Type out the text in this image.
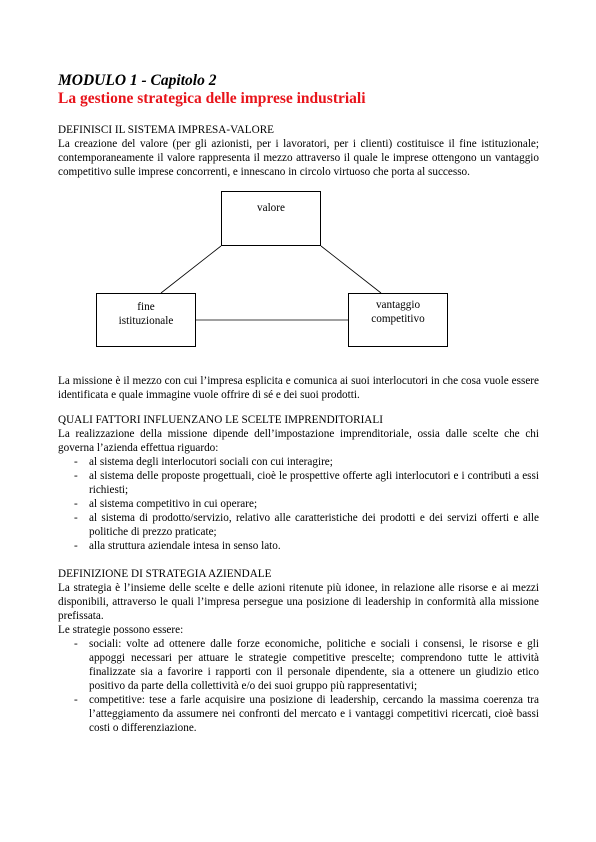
MODULO 1 - Capitolo 2

La gestione strategica delle imprese industriali

DEFINISCI IL SISTEMA IMPRESA-VALORE

La creazione del valore (per gli azionisti, per i lavoratori, per i clienti) costituisce il fine istituzionale; contemporaneamente il valore rappresenta il mezzo attraverso il quale le imprese ottengono un vantaggio competitivo sulle imprese concorrenti, e innescano in circolo virtuoso che porta al successo.

valore
fine
istituzionale
vantaggio
competitivo

La missione è il mezzo con cui l’impresa esplicita e comunica ai suoi interlocutori in che cosa vuole essere identificata e quale immagine vuole offrire di sé e dei suoi prodotti.

QUALI FATTORI INFLUENZANO LE SCELTE IMPRENDITORIALI

La realizzazione della missione dipende dell’impostazione imprenditoriale, ossia dalle scelte che chi governa l’azienda effettua riguardo:

- al sistema degli interlocutori sociali con cui interagire;
- al sistema delle proposte progettuali, cioè le prospettive offerte agli interlocutori e i contributi a essi richiesti;
- al sistema competitivo in cui operare;
- al sistema di prodotto/servizio, relativo alle caratteristiche dei prodotti e dei servizi offerti e alle politiche di prezzo praticate;
- alla struttura aziendale intesa in senso lato.

DEFINIZIONE DI STRATEGIA AZIENDALE

La strategia è l’insieme delle scelte e delle azioni ritenute più idonee, in relazione alle risorse e ai mezzi disponibili, attraverso le quali l’impresa persegue una posizione di leadership in conformità alla missione prefissata.

Le strategie possono essere:

- sociali: volte ad ottenere dalle forze economiche, politiche e sociali i consensi, le risorse e gli appoggi necessari per attuare le strategie competitive prescelte; comprendono tutte le attività finalizzate sia a favorire i rapporti con il personale dipendente, sia a ottenere un giudizio etico positivo da parte della collettività e/o dei suoi gruppo più rappresentativi;
- competitive: tese a farle acquisire una posizione di leadership, cercando la massima coerenza tra l’atteggiamento da assumere nei confronti del mercato e i vantaggi competitivi ricercati, cioè bassi costi o differenziazione.
